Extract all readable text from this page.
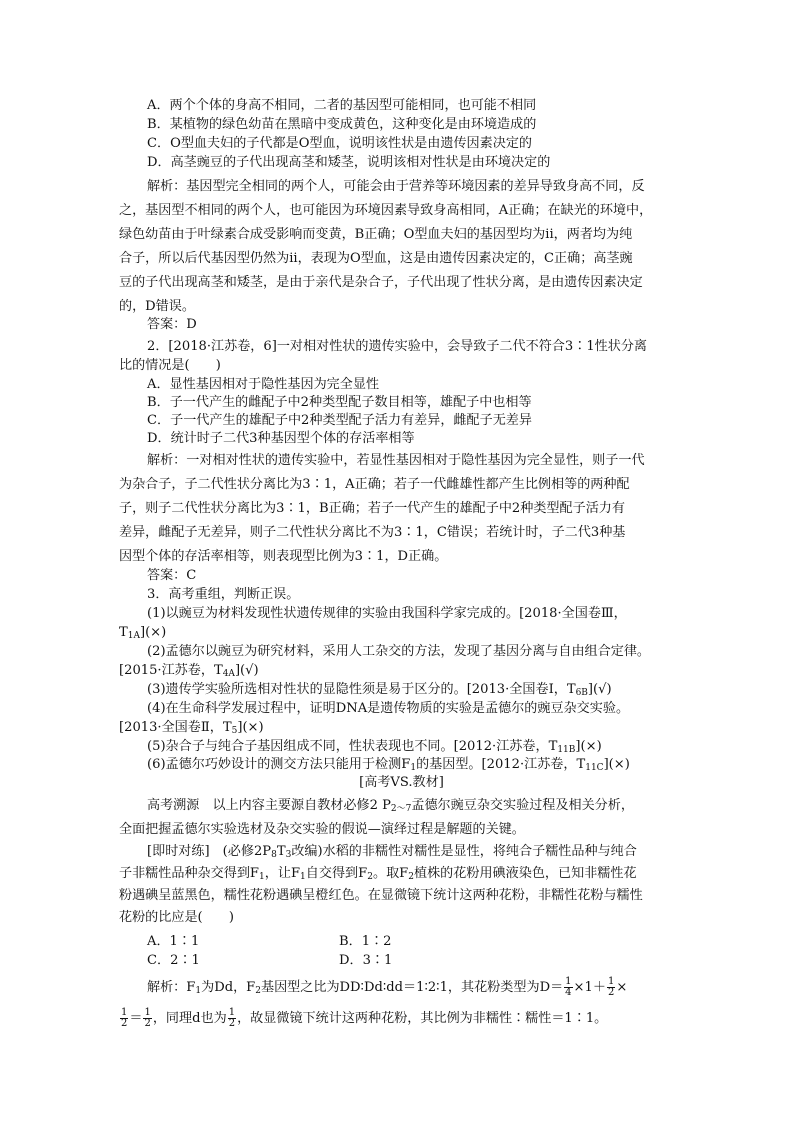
A．两个个体的身高不相同，二者的基因型可能相同，也可能不相同
B．某植物的绿色幼苗在黑暗中变成黄色，这种变化是由环境造成的
C．O型血夫妇的子代都是O型血，说明该性状是由遗传因素决定的
D．高茎豌豆的子代出现高茎和矮茎，说明该相对性状是由环境决定的
解析：基因型完全相同的两个人，可能会由于营养等环境因素的差异导致身高不同，反
之，基因型不相同的两个人，也可能因为环境因素导致身高相同，A正确；在缺光的环境中，
绿色幼苗由于叶绿素合成受影响而变黄，B正确；O型血夫妇的基因型均为ii，两者均为纯
合子，所以后代基因型仍然为ii，表现为O型血，这是由遗传因素决定的，C正确；高茎豌
豆的子代出现高茎和矮茎，是由于亲代是杂合子，子代出现了性状分离，是由遗传因素决定
的，D错误。
答案：D
2．[2018·江苏卷，6]一对相对性状的遗传实验中，会导致子二代不符合3∶1性状分离
比的情况是(　　)
A．显性基因相对于隐性基因为完全显性
B．子一代产生的雌配子中2种类型配子数目相等，雄配子中也相等
C．子一代产生的雄配子中2种类型配子活力有差异，雌配子无差异
D．统计时子二代3种基因型个体的存活率相等
解析：一对相对性状的遗传实验中，若显性基因相对于隐性基因为完全显性，则子一代
为杂合子，子二代性状分离比为3∶1，A正确；若子一代雌雄性都产生比例相等的两种配
子，则子二代性状分离比为3∶1，B正确；若子一代产生的雄配子中2种类型配子活力有
差异，雌配子无差异，则子二代性状分离比不为3∶1，C错误；若统计时，子二代3种基
因型个体的存活率相等，则表现型比例为3∶1，D正确。
答案：C
3．高考重组，判断正误。
(1)以豌豆为材料发现性状遗传规律的实验由我国科学家完成的。[2018·全国卷Ⅲ，
$T_{1A}](\times)$
(2)孟德尔以豌豆为研究材料，采用人工杂交的方法，发现了基因分离与自由组合定律。
[2015·江苏卷，$T_{4A}](√)$
(3)遗传学实验所选相对性状的显隐性须是易于区分的。[2013·全国卷Ⅰ，$T_{6B}](√)$
(4)在生命科学发展过程中，证明DNA是遗传物质的实验是孟德尔的豌豆杂交实验。
[2013·全国卷Ⅱ，$T_5](\times)$
(5)杂合子与纯合子基因组成不同，性状表现也不同。[2012·江苏卷，$T_{11B}](\times)$
(6)孟德尔巧妙设计的测交方法只能用于检测$F_1$的基因型。[2012·江苏卷，$T_{11C}](\times)$
[高考VS.教材]
高考溯源　以上内容主要源自教材必修2 $P_{2\sim 7}$孟德尔豌豆杂交实验过程及相关分析，
全面把握孟德尔实验选材及杂交实验的假说—演绎过程是解题的关键。
[即时对练]　(必修$2P_8T_3$改编)水稻的非糯性对糯性是显性，将纯合子糯性品种与纯合
子非糯性品种杂交得到$F_1$，让$F_1$自交得到$F_2$。取$F_2$植株的花粉用碘液染色，已知非糯性花
粉遇碘呈蓝黑色，糯性花粉遇碘呈橙红色。在显微镜下统计这两种花粉，非糯性花粉与糯性
花粉的比应是(　　)
A．1∶1	B．1∶2
C．2∶1	D．3∶1
解析：$F_1$为Dd，$F_2$基因型之比为DD∶Dd∶dd＝1∶2∶1，其花粉类型为$D= \frac{1}{4} \times 1+ \frac{1}{2}$ ×
$\frac{1}{2} = \frac{1}{2}$ ，同理d也为 $\frac{1}{2}$ ，故显微镜下统计这两种花粉，其比例为非糯性∶糯性＝1∶1。
